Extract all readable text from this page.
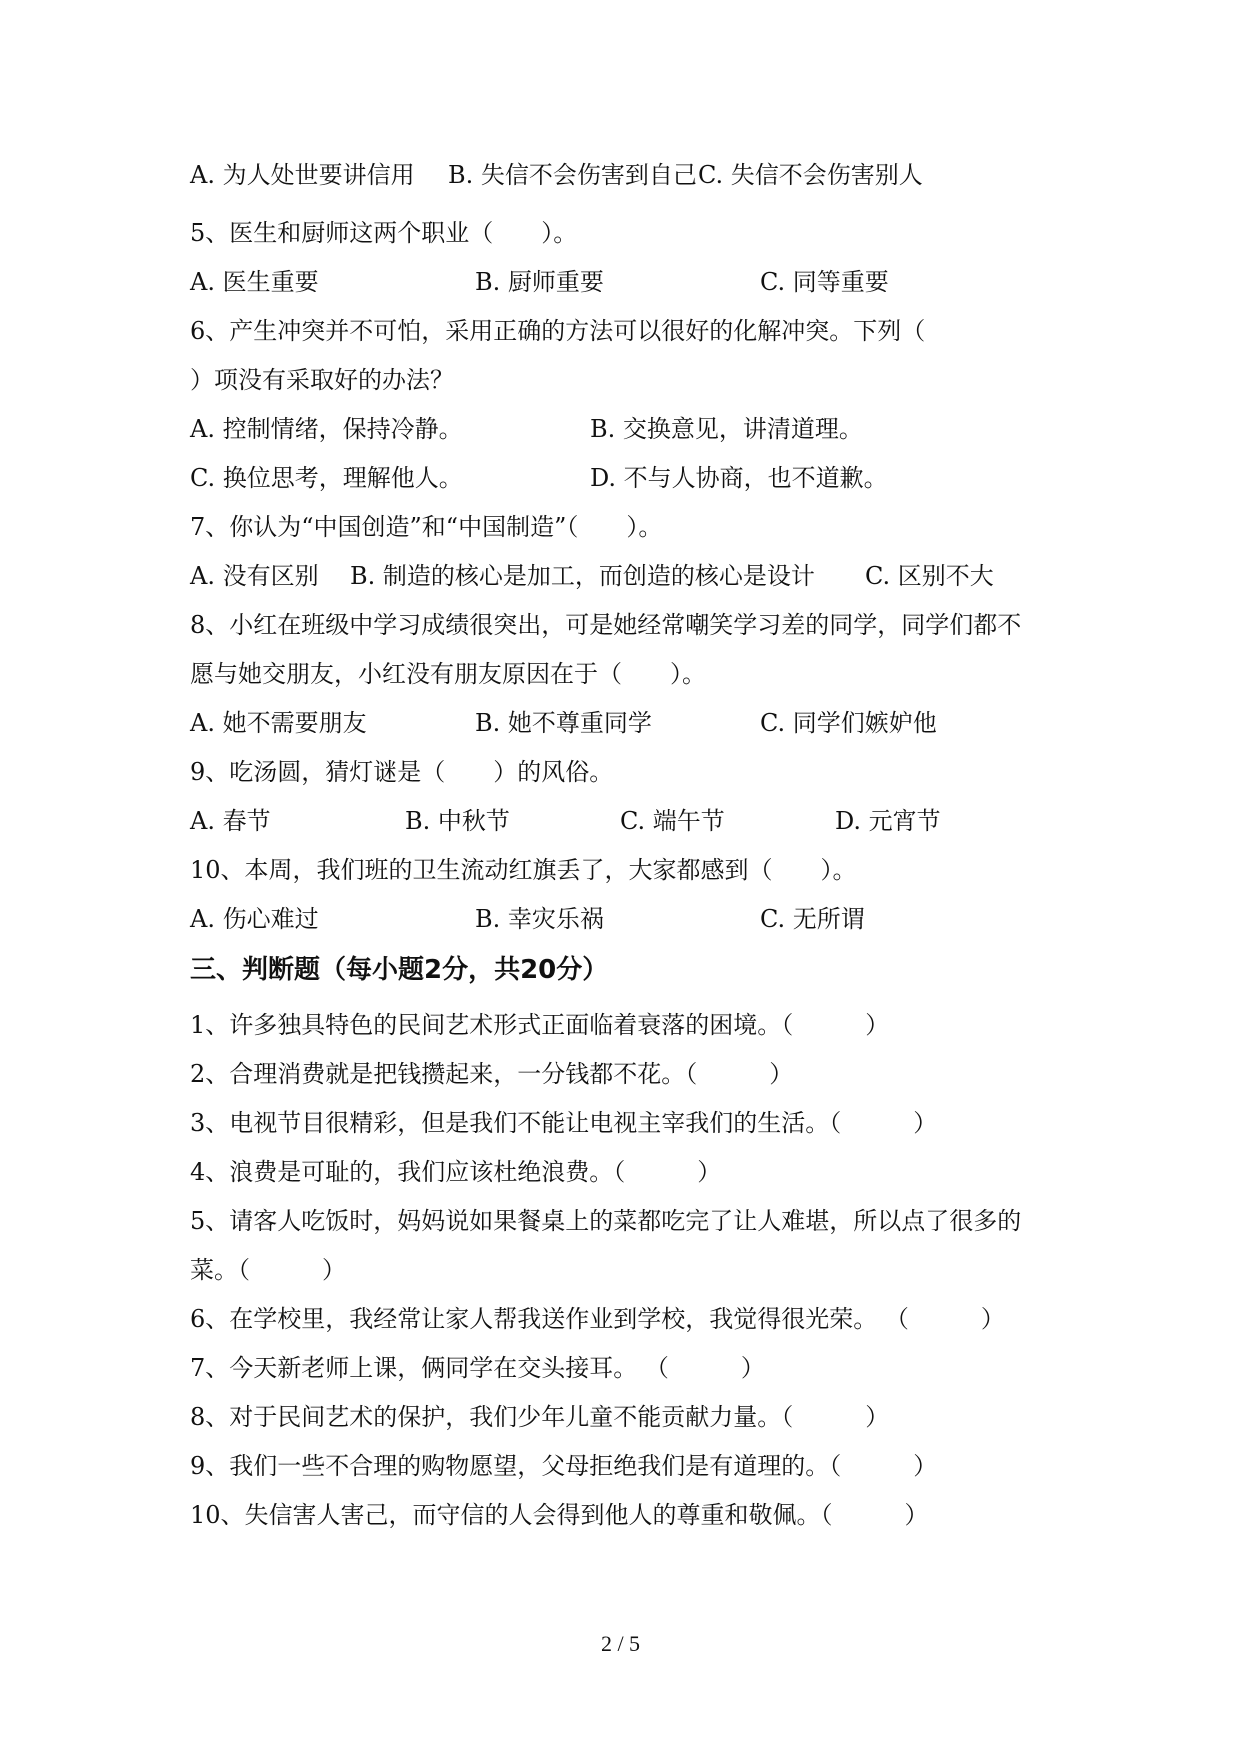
A. 为人处世要讲信用 B. 失信不会伤害到自己 C. 失信不会伤害别人
5、医生和厨师这两个职业（　　）。
A. 医生重要	B. 厨师重要	C. 同等重要
6、产生冲突并不可怕，采用正确的方法可以很好的化解冲突。下列（
）项没有采取好的办法？
A. 控制情绪，保持冷静。	B. 交换意见，讲清道理。
C. 换位思考，理解他人。	D. 不与人协商，也不道歉。
7、你认为“中国创造”和“中国制造”（　　）。
A. 没有区别 B. 制造的核心是加工，而创造的核心是设计 C. 区别不大
8、小红在班级中学习成绩很突出，可是她经常嘲笑学习差的同学，同学们都不
愿与她交朋友，小红没有朋友原因在于（　　）。
A. 她不需要朋友	B. 她不尊重同学	C. 同学们嫉妒他
9、吃汤圆，猜灯谜是（　　）的风俗。
A. 春节	B. 中秋节	C. 端午节	D. 元宵节
10、本周，我们班的卫生流动红旗丢了，大家都感到（　　）。
A. 伤心难过	B. 幸灾乐祸	C. 无所谓
三、判断题（每小题2分，共20分）
1、许多独具特色的民间艺术形式正面临着衰落的困境。（　　　）
2、合理消费就是把钱攒起来，一分钱都不花。（　　　）
3、电视节目很精彩，但是我们不能让电视主宰我们的生活。（　　　）
4、浪费是可耻的，我们应该杜绝浪费。（　　　）
5、请客人吃饭时，妈妈说如果餐桌上的菜都吃完了让人难堪，所以点了很多的
菜。（　　　）
6、在学校里，我经常让家人帮我送作业到学校，我觉得很光荣。 （　　　）
7、今天新老师上课，俩同学在交头接耳。 （　　　）
8、对于民间艺术的保护，我们少年儿童不能贡献力量。（　　　）
9、我们一些不合理的购物愿望，父母拒绝我们是有道理的。（　　　）
10、失信害人害己，而守信的人会得到他人的尊重和敬佩。（　　　）
2 / 5
